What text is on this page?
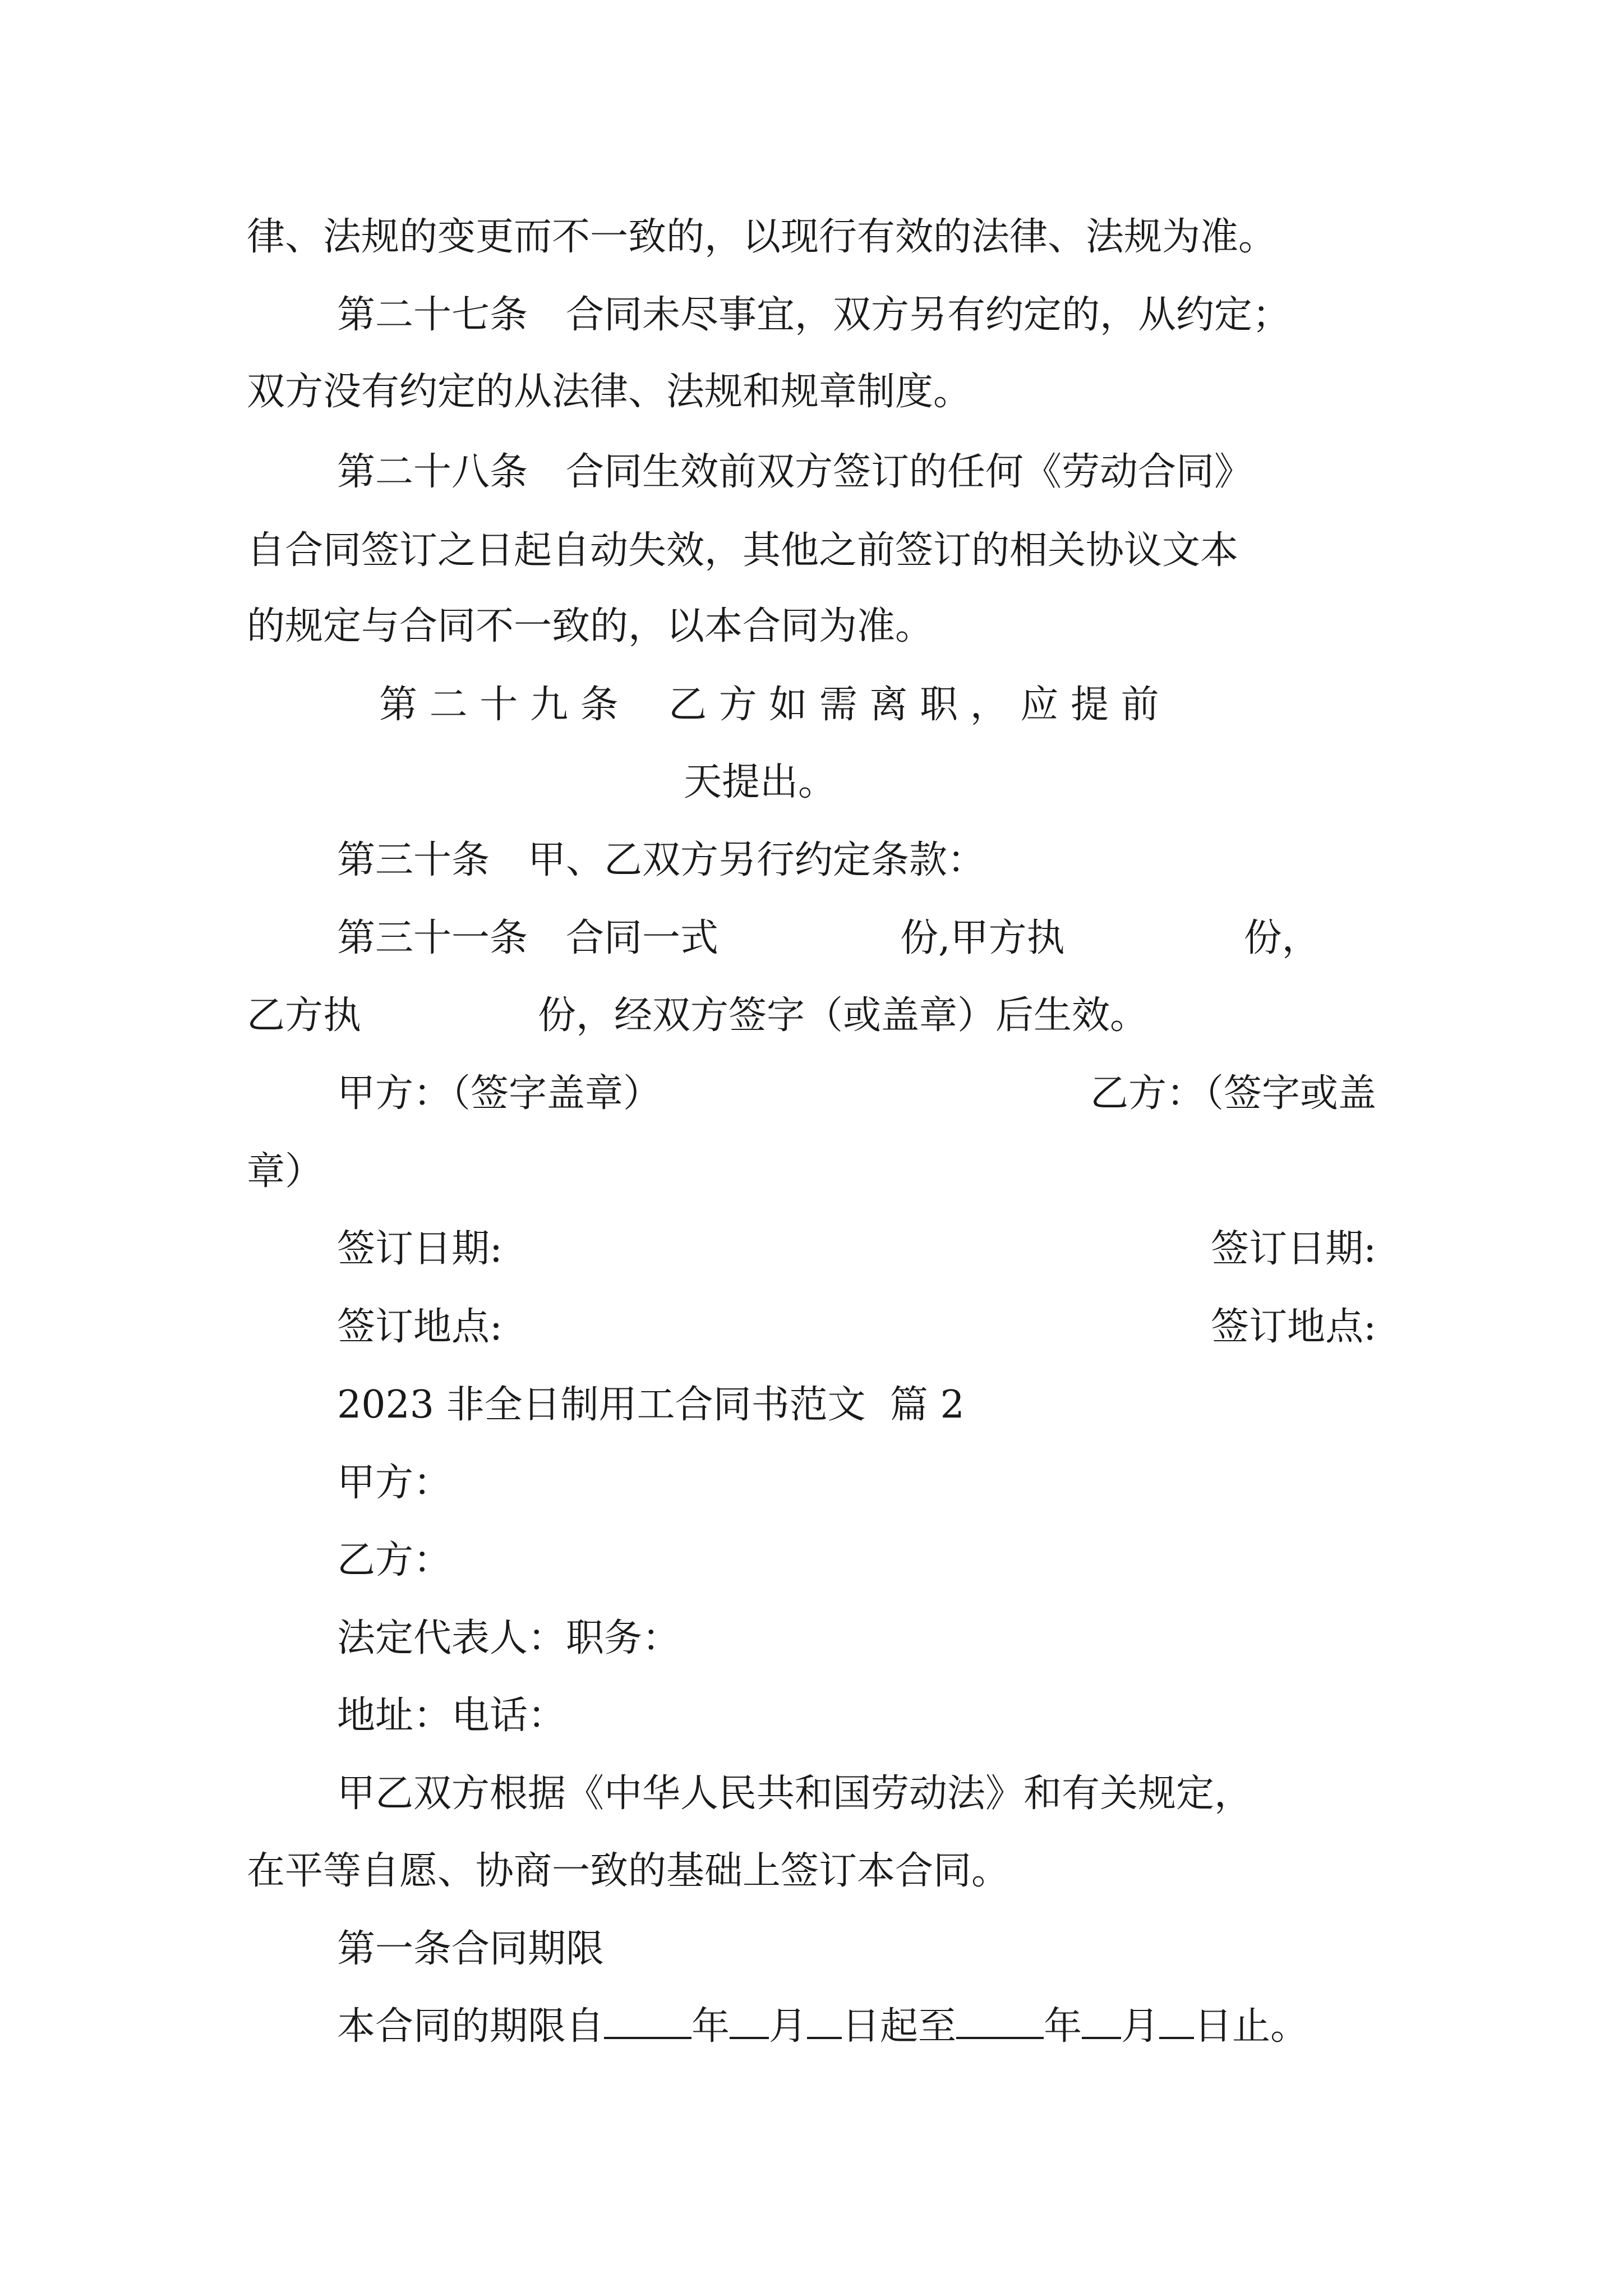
律、法规的变更而不一致的，以现行有效的法律、法规为准。
第二十七条　合同未尽事宜，双方另有约定的，从约定；
双方没有约定的从法律、法规和规章制度。
第二十八条　合同生效前双方签订的任何《劳动合同》
自合同签订之日起自动失效，其他之前签订的相关协议文本
的规定与合同不一致的，以本合同为准。
第 二 十 九 条　 乙 方 如 需 离 职 ， 应 提 前
天提出。
第三十条　甲、乙双方另行约定条款：
第三十一条　合同一式	份,甲方执	份，
乙方执	份，经双方签字（或盖章）后生效。
甲方：（签字盖章）	乙方：（签字或盖
章）
签订日期:	签订日期:
签订地点:	签订地点:
2023 非全日制用工合同书范文  篇 2
甲方：
乙方：
法定代表人：职务：
地址：电话：
甲乙双方根据《中华人民共和国劳动法》和有关规定，
在平等自愿、协商一致的基础上签订本合同。
第一条合同期限
本合同的期限自 年 月 日起至 年 月 日止。
